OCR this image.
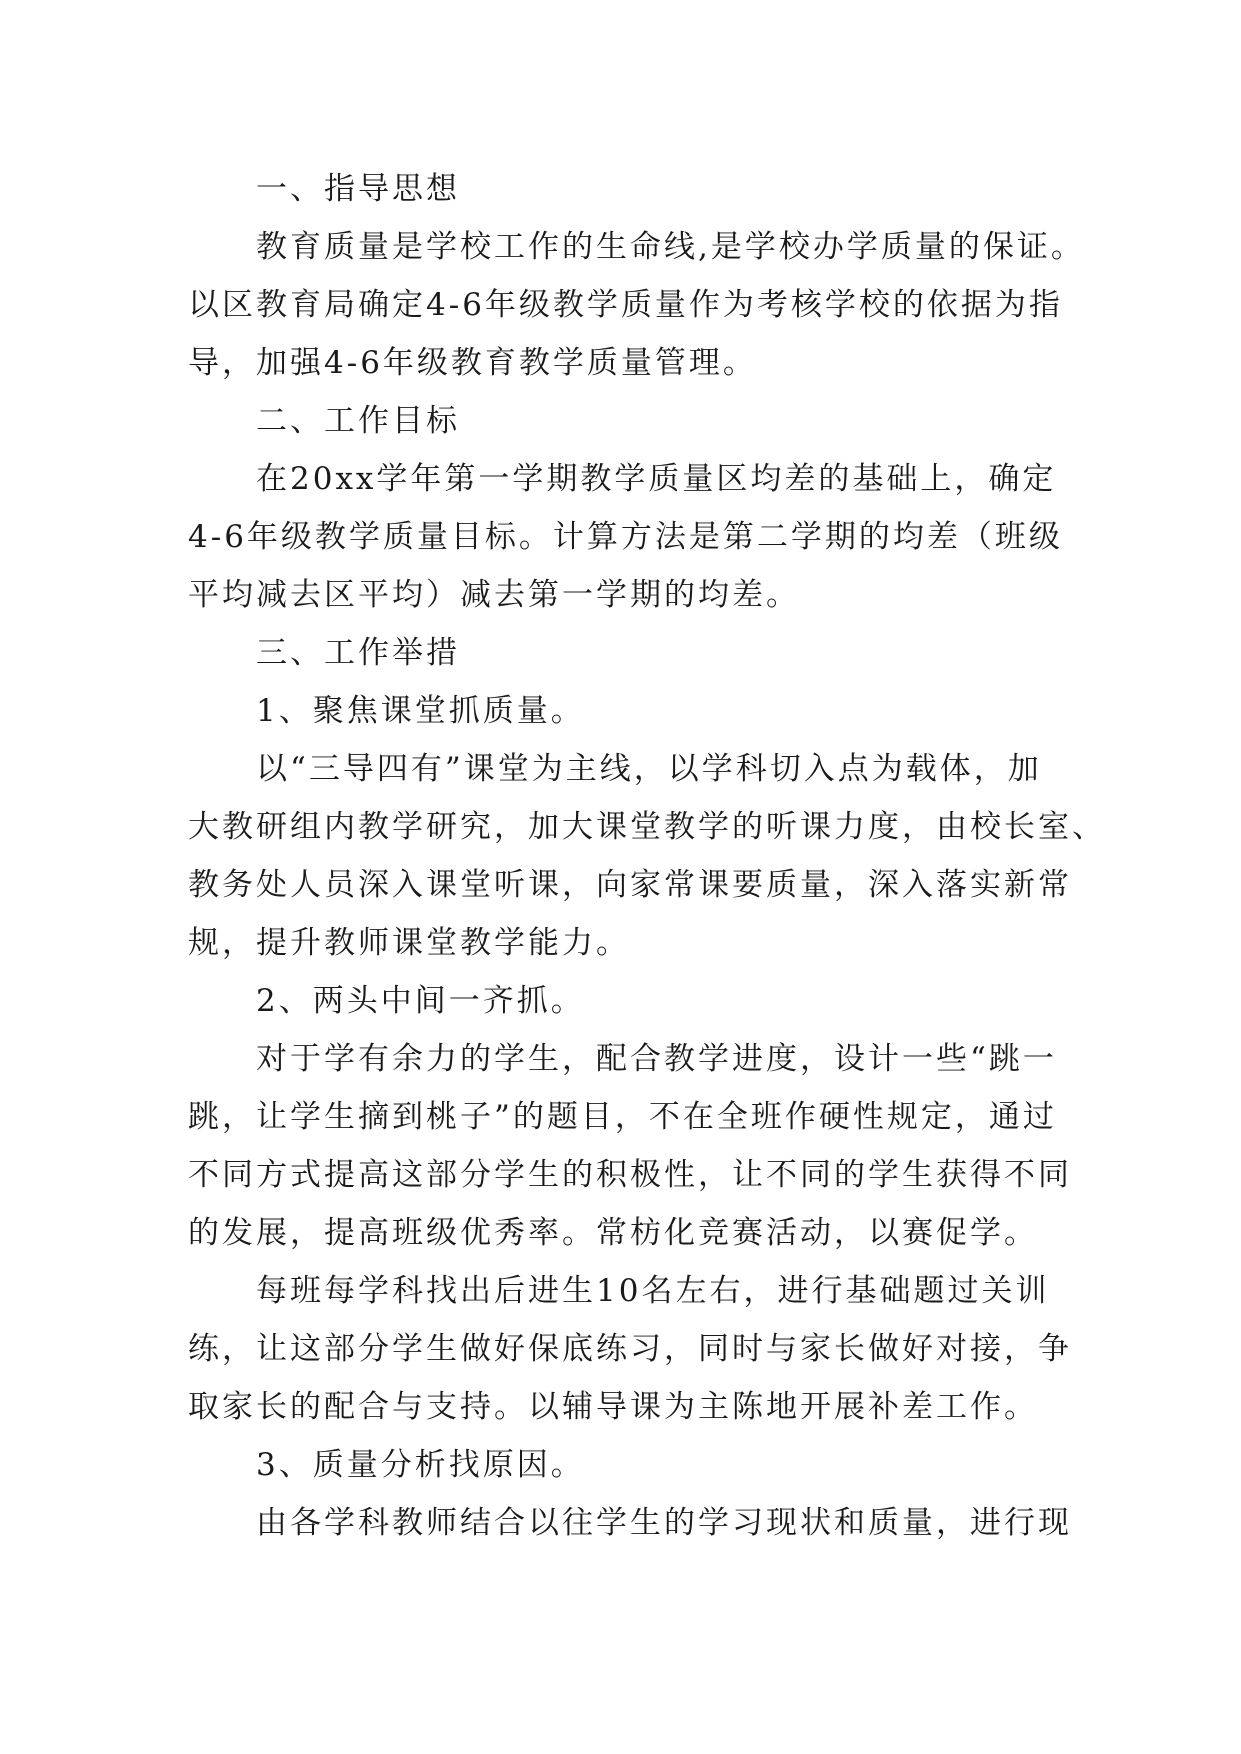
一、指导思想
教育质量是学校工作的生命线,是学校办学质量的保证。
以区教育局确定4-6年级教学质量作为考核学校的依据为指
导，加强4-6年级教育教学质量管理。
二、工作目标
在20xx学年第一学期教学质量区均差的基础上，确定
4-6年级教学质量目标。计算方法是第二学期的均差（班级
平均减去区平均）减去第一学期的均差。
三、工作举措
1、聚焦课堂抓质量。
以“三导四有”课堂为主线，以学科切入点为载体，加
大教研组内教学研究，加大课堂教学的听课力度，由校长室、
教务处人员深入课堂听课，向家常课要质量，深入落实新常
规，提升教师课堂教学能力。
2、两头中间一齐抓。
对于学有余力的学生，配合教学进度，设计一些“跳一
跳，让学生摘到桃子”的题目，不在全班作硬性规定，通过
不同方式提高这部分学生的积极性，让不同的学生获得不同
的发展，提高班级优秀率。常枋化竞赛活动，以赛促学。
每班每学科找出后进生10名左右，进行基础题过关训
练，让这部分学生做好保底练习，同时与家长做好对接，争
取家长的配合与支持。以辅导课为主陈地开展补差工作。
3、质量分析找原因。
由各学科教师结合以往学生的学习现状和质量，进行现
